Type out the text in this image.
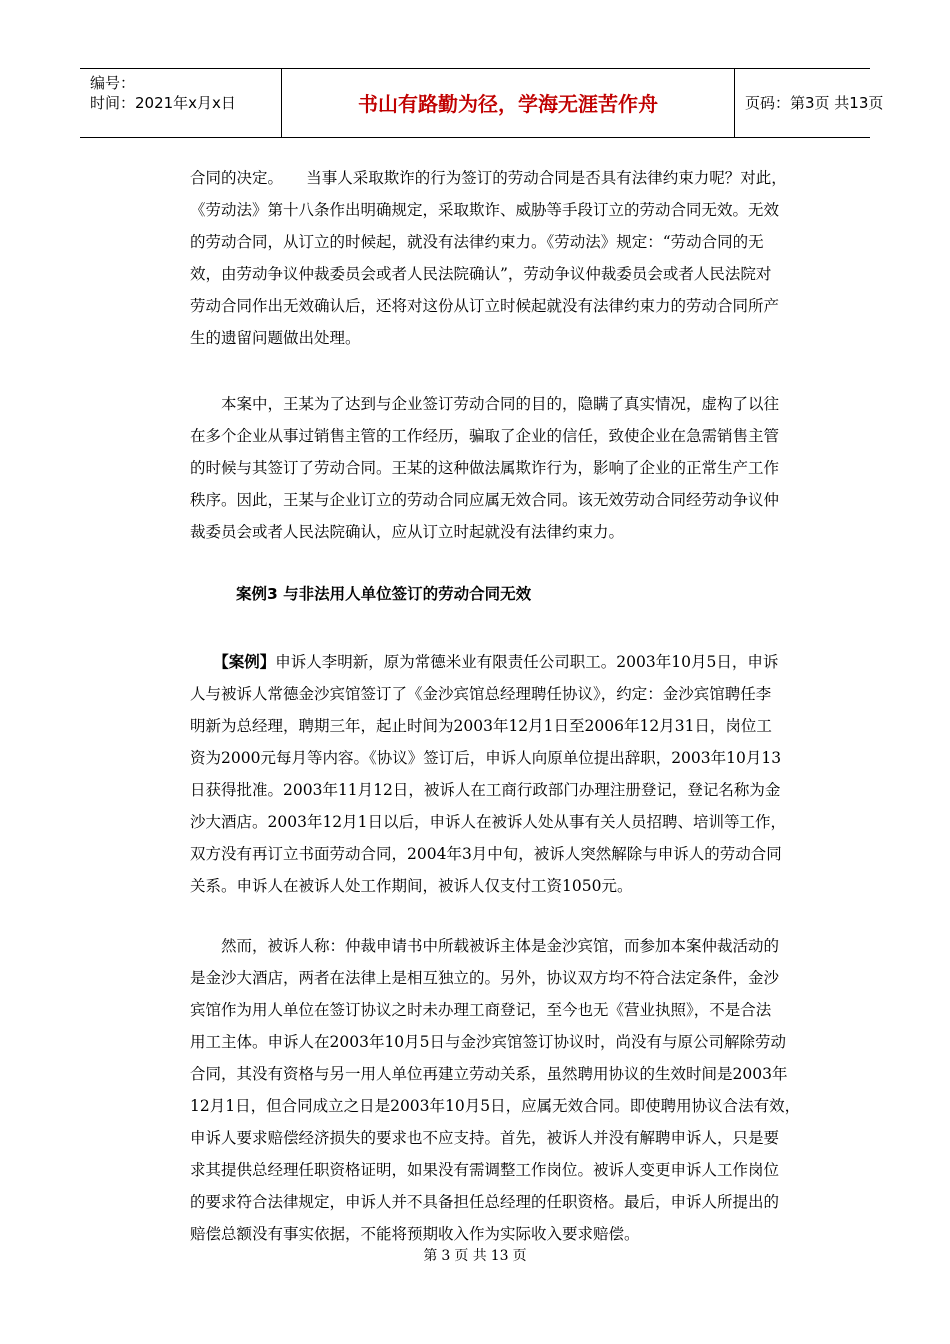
编号：
时间：2021年x月x日	书山有路勤为径，学海无涯苦作舟	页码：第3页 共13页
合同的决定。　　当事人采取欺诈的行为签订的劳动合同是否具有法律约束力呢？对此，
《劳动法》第十八条作出明确规定，采取欺诈、威胁等手段订立的劳动合同无效。无效
的劳动合同，从订立的时候起，就没有法律约束力。《劳动法》规定：“劳动合同的无
效，由劳动争议仲裁委员会或者人民法院确认”，劳动争议仲裁委员会或者人民法院对
劳动合同作出无效确认后，还将对这份从订立时候起就没有法律约束力的劳动合同所产
生的遗留问题做出处理。
　　本案中，王某为了达到与企业签订劳动合同的目的，隐瞒了真实情况，虚构了以往
在多个企业从事过销售主管的工作经历，骗取了企业的信任，致使企业在急需销售主管
的时候与其签订了劳动合同。王某的这种做法属欺诈行为，影响了企业的正常生产工作
秩序。因此，王某与企业订立的劳动合同应属无效合同。该无效劳动合同经劳动争议仲
裁委员会或者人民法院确认，应从订立时起就没有法律约束力。
案例3 与非法用人单位签订的劳动合同无效
　　【案例】申诉人李明新，原为常德米业有限责任公司职工。2003年10月5日，申诉
人与被诉人常德金沙宾馆签订了《金沙宾馆总经理聘任协议》，约定：金沙宾馆聘任李
明新为总经理，聘期三年，起止时间为2003年12月1日至2006年12月31日，岗位工
资为2000元每月等内容。《协议》签订后，申诉人向原单位提出辞职，2003年10月13
日获得批准。2003年11月12日，被诉人在工商行政部门办理注册登记，登记名称为金
沙大酒店。2003年12月1日以后，申诉人在被诉人处从事有关人员招聘、培训等工作，
双方没有再订立书面劳动合同，2004年3月中旬，被诉人突然解除与申诉人的劳动合同
关系。申诉人在被诉人处工作期间，被诉人仅支付工资1050元。
　　然而，被诉人称：仲裁申请书中所载被诉主体是金沙宾馆，而参加本案仲裁活动的
是金沙大酒店，两者在法律上是相互独立的。另外，协议双方均不符合法定条件，金沙
宾馆作为用人单位在签订协议之时未办理工商登记，至今也无《营业执照》，不是合法
用工主体。申诉人在2003年10月5日与金沙宾馆签订协议时，尚没有与原公司解除劳动
合同，其没有资格与另一用人单位再建立劳动关系，虽然聘用协议的生效时间是2003年
12月1日，但合同成立之日是2003年10月5日，应属无效合同。即使聘用协议合法有效，
申诉人要求赔偿经济损失的要求也不应支持。首先，被诉人并没有解聘申诉人，只是要
求其提供总经理任职资格证明，如果没有需调整工作岗位。被诉人变更申诉人工作岗位
的要求符合法律规定，申诉人并不具备担任总经理的任职资格。最后，申诉人所提出的
赔偿总额没有事实依据，不能将预期收入作为实际收入要求赔偿。
第 3 页 共 13 页
